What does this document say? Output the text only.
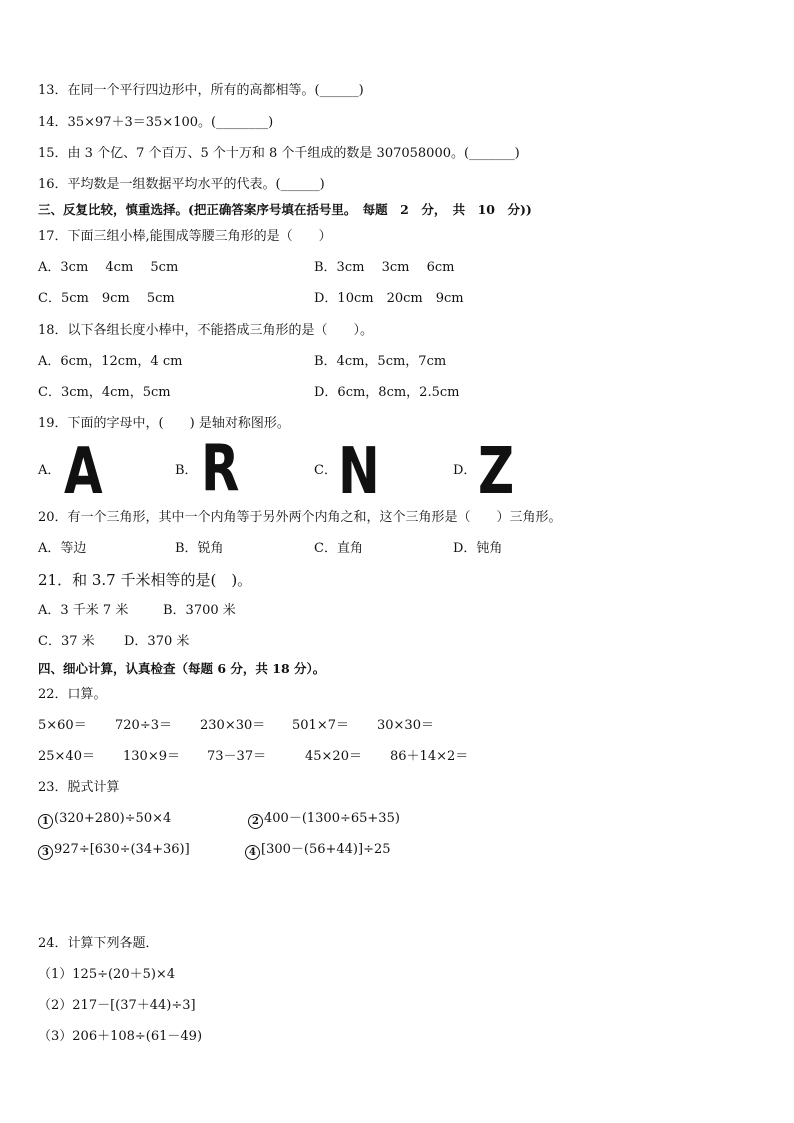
13．在同一个平行四边形中，所有的高都相等。(______)
14．35×97＋3＝35×100。(________)
15．由 3 个亿、7 个百万、5 个十万和 8 个千组成的数是 307058000。(_______)
16．平均数是一组数据平均水平的代表。(______)
三、反复比较，慎重选择。(把正确答案序号填在括号里。　每题　2　分，　共　10　分))
17．下面三组小棒,能围成等腰三角形的是（　　）
A．3cm　 4cm　 5cm	B．3cm　 3cm　 6cm
C．5cm　9cm　 5cm	D．10cm　20cm　9cm
18．以下各组长度小棒中，不能搭成三角形的是（　　）。
A．6cm，12cm，4 cm	B．4cm，5cm，7cm
C．3cm，4cm，5cm	D．6cm，8cm，2.5cm
19．下面的字母中，(　　) 是轴对称图形。
A． A	B． R	C． N	D． Z
20．有一个三角形，其中一个内角等于另外两个内角之和，这个三角形是（　　）三角形。
A．等边	B．锐角	C．直角	D．钝角
21．和 3.7 千米相等的是(　)。
A．3 千米 7 米	B．3700 米
C．37 米 D．370 米
四、细心计算，认真检查（每题 6 分，共 18 分）。
22．口算。
5×60＝ 720÷3＝ 230×30＝ 501×7＝ 30×30＝
25×40＝ 130×9＝ 73－37＝	45×20＝ 86＋14×2＝
23．脱式计算
1 (320+280)÷50×4	2 400－(1300÷65+35)
3 927÷[630÷(34+36)]	4 [300－(56+44)]÷25
24．计算下列各题．
（1）125÷(20＋5)×4
（2）217－[(37＋44)÷3]
（3）206＋108÷(61－49)
